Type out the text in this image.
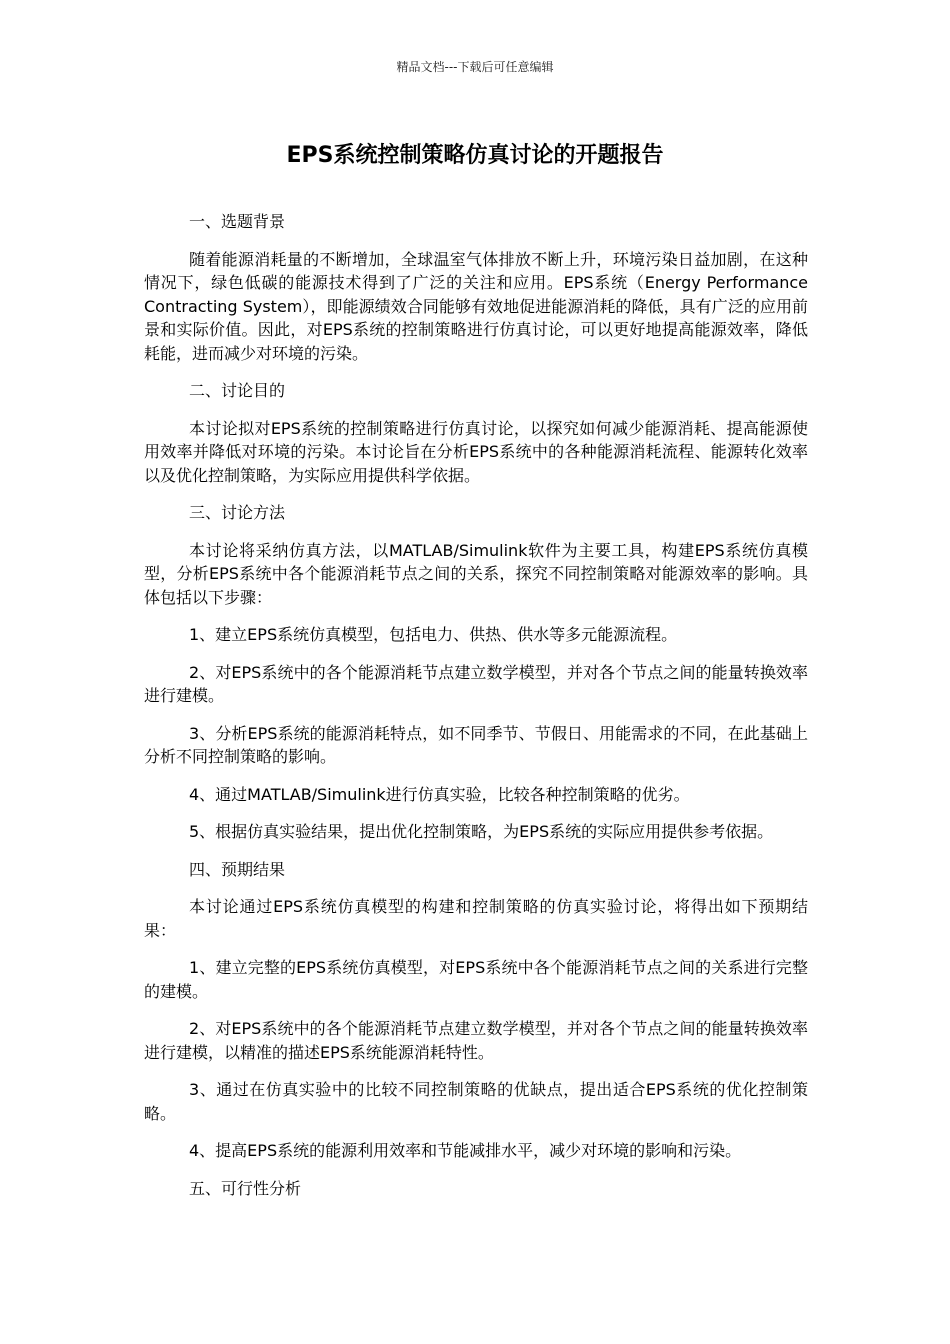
精品文档---下载后可任意编辑
EPS系统控制策略仿真讨论的开题报告

一、选题背景

随着能源消耗量的不断增加，全球温室气体排放不断上升，环境污染日益加剧，在这种情况下，绿色低碳的能源技术得到了广泛的关注和应用。EPS系统（Energy Performance Contracting System），即能源绩效合同能够有效地促进能源消耗的降低，具有广泛的应用前景和实际价值。因此，对EPS系统的控制策略进行仿真讨论，可以更好地提高能源效率，降低耗能，进而减少对环境的污染。

二、讨论目的

本讨论拟对EPS系统的控制策略进行仿真讨论，以探究如何减少能源消耗、提高能源使用效率并降低对环境的污染。本讨论旨在分析EPS系统中的各种能源消耗流程、能源转化效率以及优化控制策略，为实际应用提供科学依据。

三、讨论方法

本讨论将采纳仿真方法，以MATLAB/Simulink软件为主要工具，构建EPS系统仿真模型，分析EPS系统中各个能源消耗节点之间的关系，探究不同控制策略对能源效率的影响。具体包括以下步骤：

1、建立EPS系统仿真模型，包括电力、供热、供水等多元能源流程。

2、对EPS系统中的各个能源消耗节点建立数学模型，并对各个节点之间的能量转换效率进行建模。

3、分析EPS系统的能源消耗特点，如不同季节、节假日、用能需求的不同，在此基础上分析不同控制策略的影响。

4、通过MATLAB/Simulink进行仿真实验，比较各种控制策略的优劣。

5、根据仿真实验结果，提出优化控制策略，为EPS系统的实际应用提供参考依据。

四、预期结果

本讨论通过EPS系统仿真模型的构建和控制策略的仿真实验讨论，将得出如下预期结果：

1、建立完整的EPS系统仿真模型，对EPS系统中各个能源消耗节点之间的关系进行完整的建模。

2、对EPS系统中的各个能源消耗节点建立数学模型，并对各个节点之间的能量转换效率进行建模，以精准的描述EPS系统能源消耗特性。

3、通过在仿真实验中的比较不同控制策略的优缺点，提出适合EPS系统的优化控制策略。

4、提高EPS系统的能源利用效率和节能减排水平，减少对环境的影响和污染。

五、可行性分析
